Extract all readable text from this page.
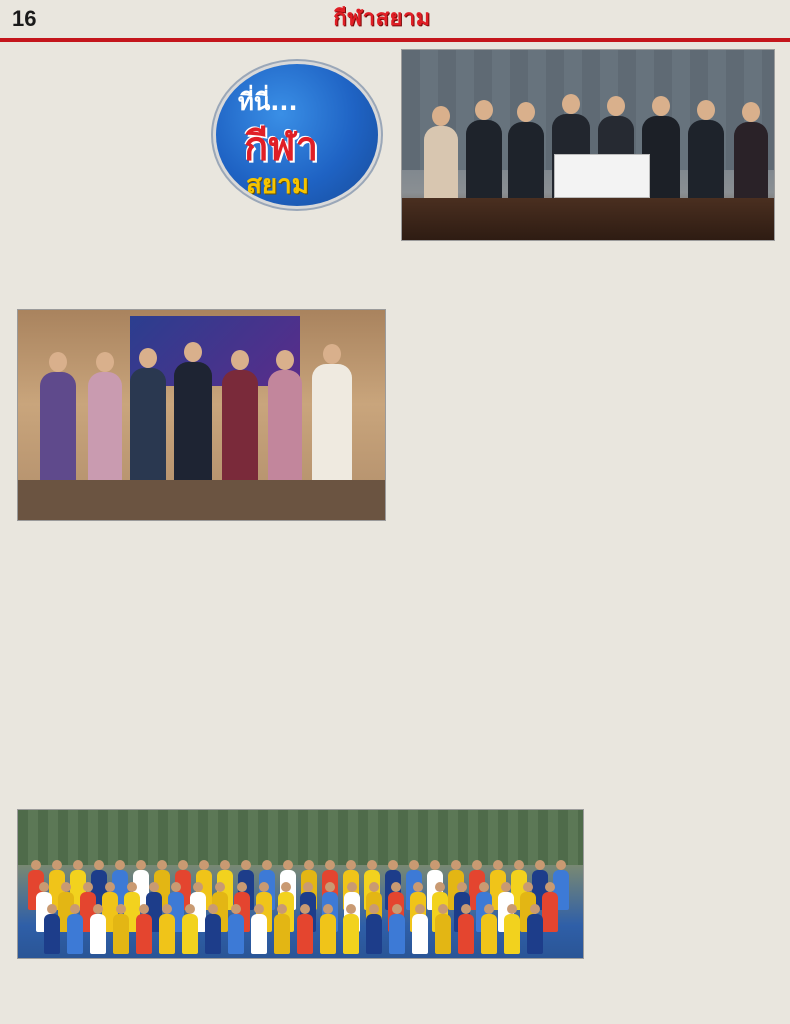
16	กีฬาสยาม

ที่นี่...
กีฬา
สยาม
